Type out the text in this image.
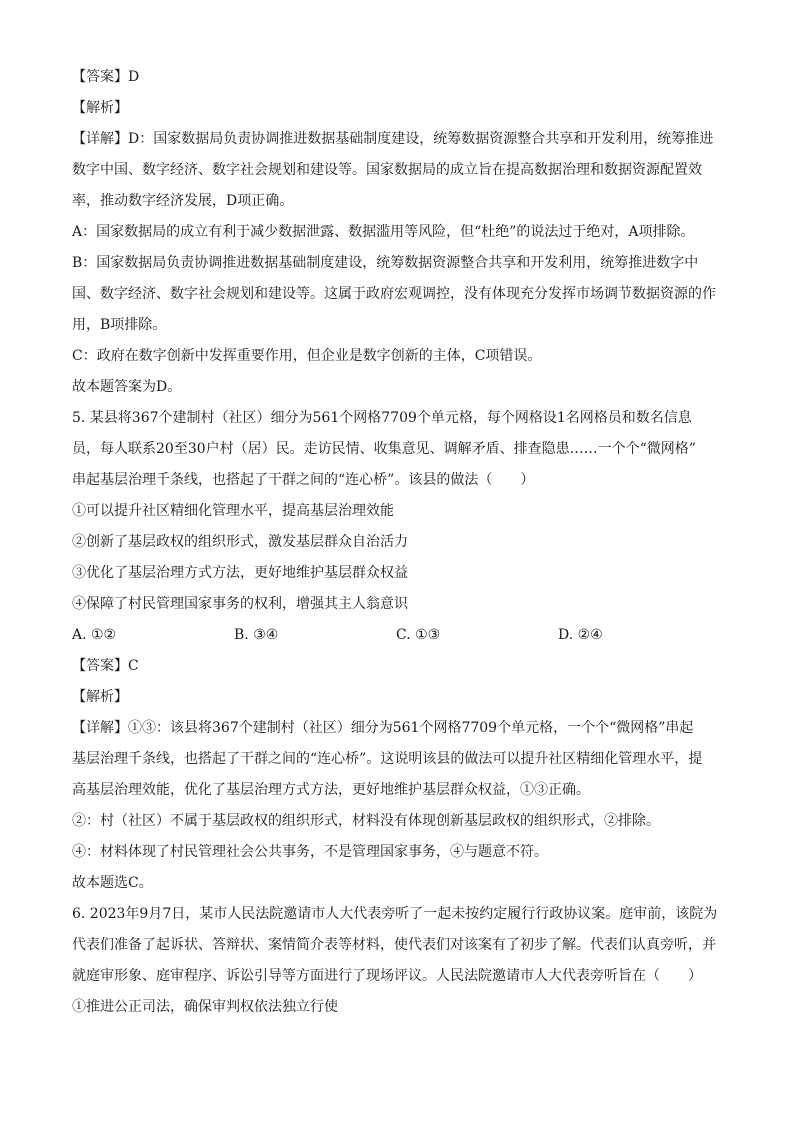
【答案】D
【解析】
【详解】D：国家数据局负责协调推进数据基础制度建设，统筹数据资源整合共享和开发利用，统筹推进
数字中国、数字经济、数字社会规划和建设等。国家数据局的成立旨在提高数据治理和数据资源配置效
率，推动数字经济发展，D项正确。
A：国家数据局的成立有利于减少数据泄露、数据滥用等风险，但“杜绝”的说法过于绝对，A项排除。
B：国家数据局负责协调推进数据基础制度建设，统筹数据资源整合共享和开发利用，统筹推进数字中
国、数字经济、数字社会规划和建设等。这属于政府宏观调控，没有体现充分发挥市场调节数据资源的作
用，B项排除。
C：政府在数字创新中发挥重要作用，但企业是数字创新的主体，C项错误。
故本题答案为D。
5. 某县将367个建制村（社区）细分为561个网格7709个单元格，每个网格设1名网格员和数名信息
员，每人联系20至30户村（居）民。走访民情、收集意见、调解矛盾、排查隐患……一个个“微网格”
串起基层治理千条线，也搭起了干群之间的“连心桥”。该县的做法（　　）
①可以提升社区精细化管理水平，提高基层治理效能
②创新了基层政权的组织形式，激发基层群众自治活力
③优化了基层治理方式方法，更好地维护基层群众权益
④保障了村民管理国家事务的权利，增强其主人翁意识
A. ①②	B. ③④	C. ①③	D. ②④
【答案】C
【解析】
【详解】①③：该县将367个建制村（社区）细分为561个网格7709个单元格，一个个“微网格”串起
基层治理千条线，也搭起了干群之间的“连心桥”。这说明该县的做法可以提升社区精细化管理水平，提
高基层治理效能，优化了基层治理方式方法，更好地维护基层群众权益，①③正确。
②：村（社区）不属于基层政权的组织形式，材料没有体现创新基层政权的组织形式，②排除。
④：材料体现了村民管理社会公共事务，不是管理国家事务，④与题意不符。
故本题选C。
6. 2023年9月7日，某市人民法院邀请市人大代表旁听了一起未按约定履行行政协议案。庭审前，该院为
代表们准备了起诉状、答辩状、案情简介表等材料，使代表们对该案有了初步了解。代表们认真旁听，并
就庭审形象、庭审程序、诉讼引导等方面进行了现场评议。人民法院邀请市人大代表旁听旨在（　　）
①推进公正司法，确保审判权依法独立行使
